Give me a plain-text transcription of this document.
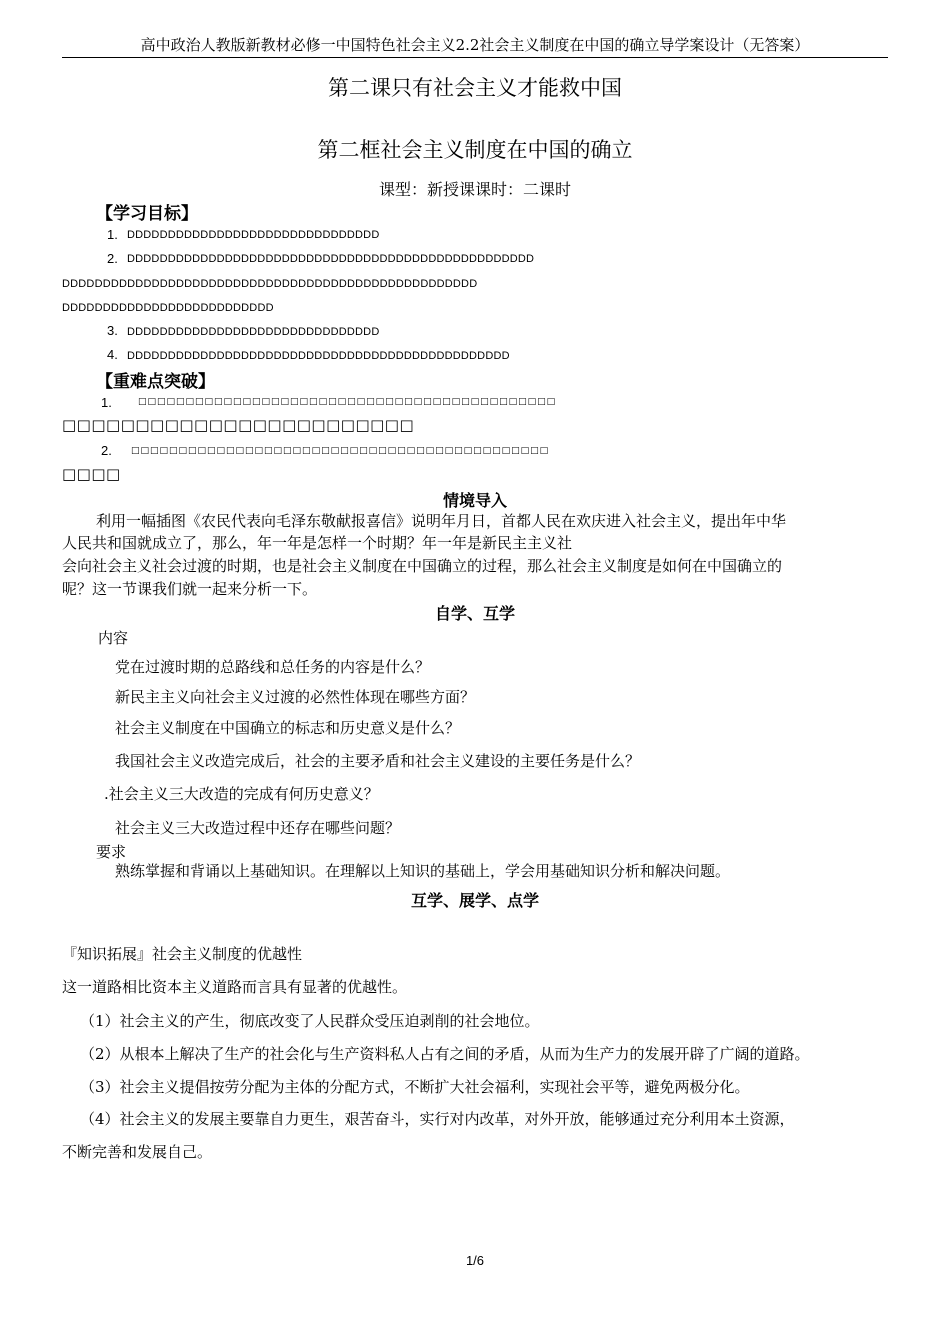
高中政治人教版新教材必修一中国特色社会主义2.2社会主义制度在中国的确立导学案设计（无答案）
第二课只有社会主义才能救中国
第二框社会主义制度在中国的确立
课型：新授课课时：二课时
【学习目标】
1. DDDDDDDDDDDDDDDDDDDDDDDDDDDDDDD
2. DDDDDDDDDDDDDDDDDDDDDDDDDDDDDDDDDDDDDDDDDDDDDDDDDD
DDDDDDDDDDDDDDDDDDDDDDDDDDDDDDDDDDDDDDDDDDDDDDDDDDD
DDDDDDDDDDDDDDDDDDDDDDDDDD
3. DDDDDDDDDDDDDDDDDDDDDDDDDDDDDDD
4. DDDDDDDDDDDDDDDDDDDDDDDDDDDDDDDDDDDDDDDDDDDDDDD
【重难点突破】
1.	□□□□□□□□□□□□□□□□□□□□□□□□□□□□□□□□□□□□□□□□□□□□
□□□□□□□□□□□□□□□□□□□□□□□□
2. □□□□□□□□□□□□□□□□□□□□□□□□□□□□□□□□□□□□□□□□□□□□
□□□□
情境导入
利用一幅插图《农民代表向毛泽东敬献报喜信》说明年月日，首都人民在欢庆进入社会主义，提出年中华
人民共和国就成立了，那么，年一年是怎样一个时期？年一年是新民主主义社
会向社会主义社会过渡的时期，也是社会主义制度在中国确立的过程，那么社会主义制度是如何在中国确立的
呢？这一节课我们就一起来分析一下。
自学、互学
内容
党在过渡时期的总路线和总任务的内容是什么？
新民主主义向社会主义过渡的必然性体现在哪些方面？
社会主义制度在中国确立的标志和历史意义是什么？
我国社会主义改造完成后，社会的主要矛盾和社会主义建设的主要任务是什么？
.社会主义三大改造的完成有何历史意义？
社会主义三大改造过程中还存在哪些问题？
要求
熟练掌握和背诵以上基础知识。在理解以上知识的基础上，学会用基础知识分析和解决问题。
互学、展学、点学
『知识拓展』社会主义制度的优越性
这一道路相比资本主义道路而言具有显著的优越性。
（1）社会主义的产生，彻底改变了人民群众受压迫剥削的社会地位。
（2）从根本上解决了生产的社会化与生产资料私人占有之间的矛盾，从而为生产力的发展开辟了广阔的道路。
（3）社会主义提倡按劳分配为主体的分配方式，不断扩大社会福利，实现社会平等，避免两极分化。
（4）社会主义的发展主要靠自力更生，艰苦奋斗，实行对内改革，对外开放，能够通过充分利用本土资源，
不断完善和发展自己。
1/6
